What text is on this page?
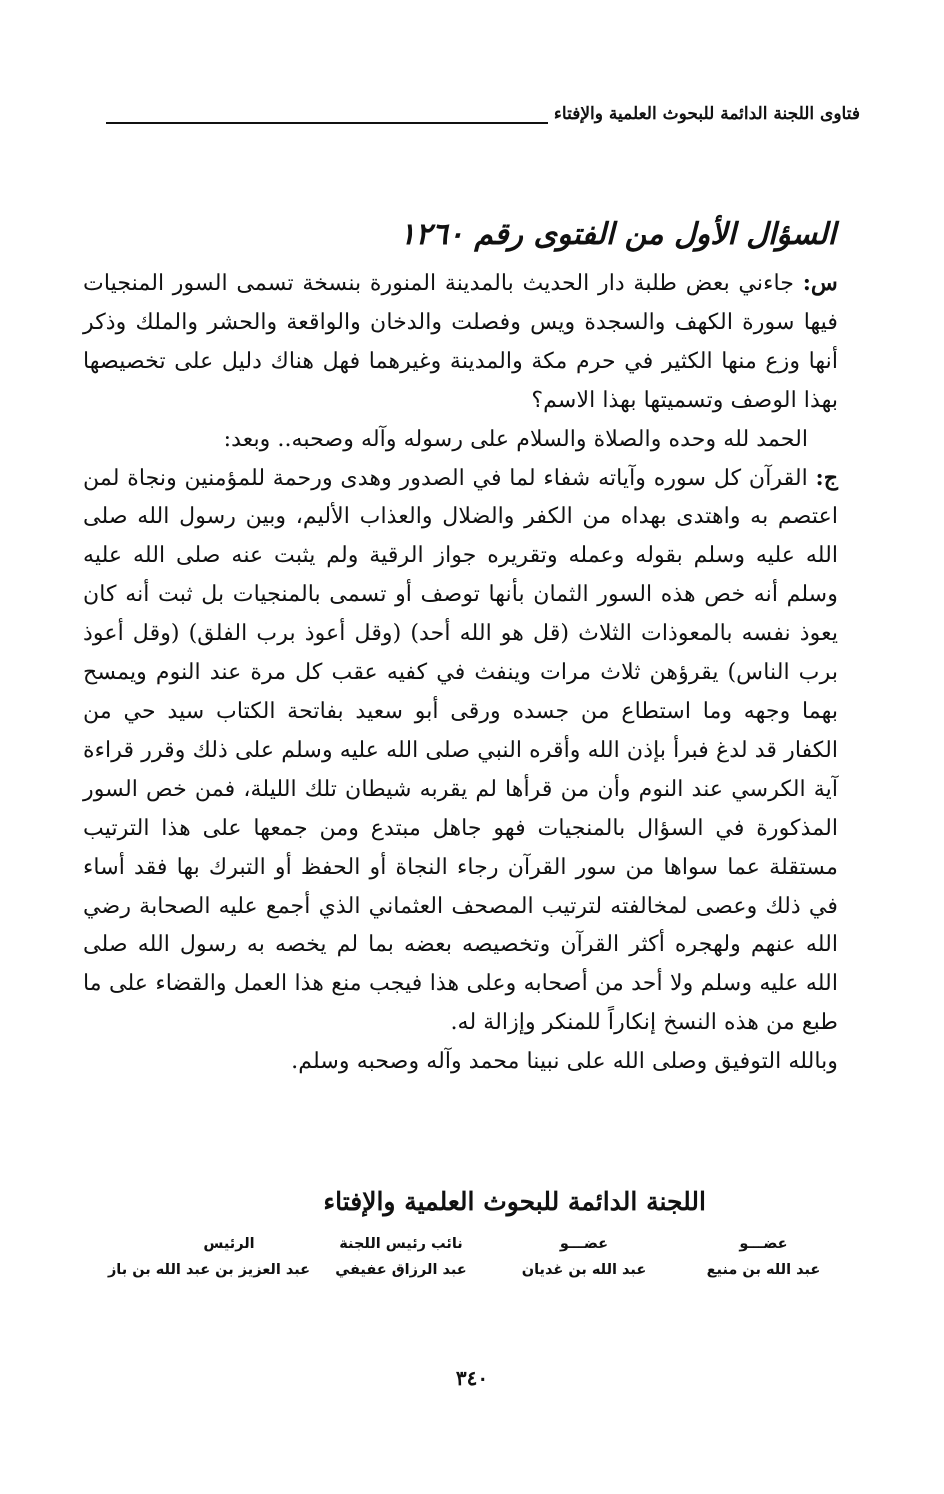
فتاوى اللجنة الدائمة للبحوث العلمية والإفتاء
السؤال الأول من الفتوى رقم ١٢٦٠

س: جاءني بعض طلبة دار الحديث بالمدينة المنورة بنسخة تسمى السور المنجيات فيها سورة الكهف والسجدة ويس وفصلت والدخان والواقعة والحشر والملك وذكر أنها وزع منها الكثير في حرم مكة والمدينة وغيرهما فهل هناك دليل على تخصيصها بهذا الوصف وتسميتها بهذا الاسم؟

الحمد لله وحده والصلاة والسلام على رسوله وآله وصحبه.. وبعد:

ج: القرآن كل سوره وآياته شفاء لما في الصدور وهدى ورحمة للمؤمنين ونجاة لمن اعتصم به واهتدى بهداه من الكفر والضلال والعذاب الأليم، وبين رسول الله صلى الله عليه وسلم بقوله وعمله وتقريره جواز الرقية ولم يثبت عنه صلى الله عليه وسلم أنه خص هذه السور الثمان بأنها توصف أو تسمى بالمنجيات بل ثبت أنه كان يعوذ نفسه بالمعوذات الثلاث (قل هو الله أحد) (وقل أعوذ برب الفلق) (وقل أعوذ برب الناس) يقرؤهن ثلاث مرات وينفث في كفيه عقب كل مرة عند النوم ويمسح بهما وجهه وما استطاع من جسده ورقى أبو سعيد بفاتحة الكتاب سيد حي من الكفار قد لدغ فبرأ بإذن الله وأقره النبي صلى الله عليه وسلم على ذلك وقرر قراءة آية الكرسي عند النوم وأن من قرأها لم يقربه شيطان تلك الليلة، فمن خص السور المذكورة في السؤال بالمنجيات فهو جاهل مبتدع ومن جمعها على هذا الترتيب مستقلة عما سواها من سور القرآن رجاء النجاة أو الحفظ أو التبرك بها فقد أساء في ذلك وعصى لمخالفته لترتيب المصحف العثماني الذي أجمع عليه الصحابة رضي الله عنهم ولهجره أكثر القرآن وتخصيصه بعضه بما لم يخصه به رسول الله صلى الله عليه وسلم ولا أحد من أصحابه وعلى هذا فيجب منع هذا العمل والقضاء على ما طبع من هذه النسخ إنكاراً للمنكر وإزالة له.

وبالله التوفيق وصلى الله على نبينا محمد وآله وصحبه وسلم.

اللجنة الدائمة للبحوث العلمية والإفتاء
الرئيس
عبد العزيز بن عبد الله بن باز
نائب رئيس اللجنة
عبد الرزاق عفيفي
عضـــو
عبد الله بن غديان
عضـــو
عبد الله بن منيع
٣٤٠
